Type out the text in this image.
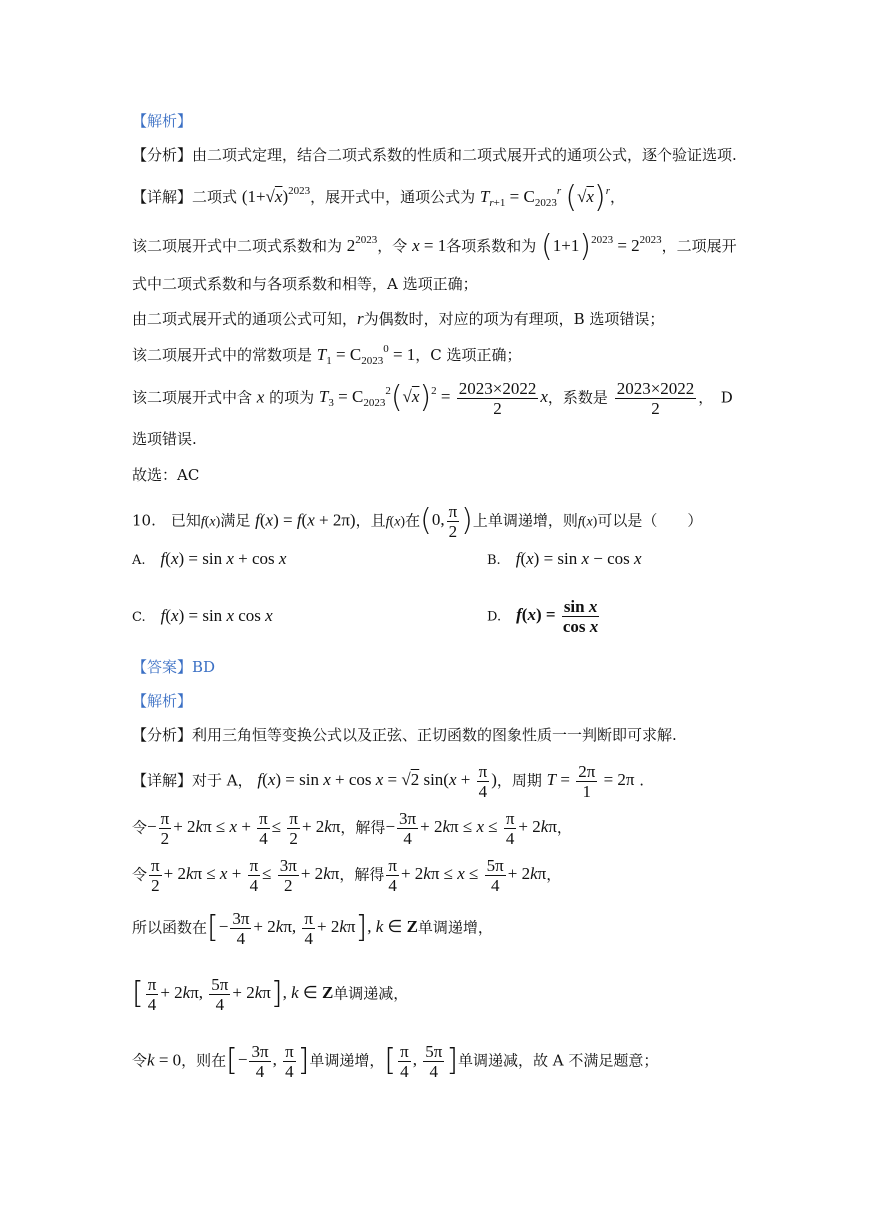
【解析】
【分析】由二项式定理，结合二项式系数的性质和二项式展开式的通项公式，逐个验证选项.
【详解】二项式 $(1+√x)^{2023}$，展开式中，通项公式为 $T_{r+1} = C_{2023}^r$ $(√x)^r$，
该二项展开式中二项式系数和为 $2^{2023}$，令 x = 1各项系数和为 $(1+1)^{2023} = 2^{2023}$，二项展开
式中二项式系数和与各项系数和相等，A 选项正确；
由二项式展开式的通项公式可知，r为偶数时，对应的项为有理项，B 选项错误；
该二项展开式中的常数项是 $T_1 = C_{2023}^0 = 1$，C 选项正确；
该二项展开式中含 x 的项为 $T_3 = C_{2023}^2(√x)^2 = \frac{2023\times 2022}{2}$ x，系数是 $\frac{2023\times 2022}{2}$ ，　D
选项错误.
故选：AC
10.　已知f(x)满足 f(x) = f(x + 2π)，且f(x)在(0, $\frac{\pi}{2}$ )上单调递增，则f(x)可以是（　　）
A.　 f(x) = sin x + cos x	B.　 f(x) = sin x − cos x
C.　 f(x) = sin x cos x	D.　 $f(x) = \frac{\text{sin x}}{\text{cos x}}$
【答案】BD
【解析】
【分析】利用三角恒等变换公式以及正弦、正切函数的图象性质一一判断即可求解.
【详解】对于 A， f(x) = sin x + cos x = √2 $\sin(x + \frac{\pi}{4}$ )，周期 $T = \frac{2\pi}{1} = 2\pi$ .
令− $\frac{\pi}{2} + 2k\pi \le x + \frac{\pi}{4} \le \frac{\pi}{2} + 2k\pi$，解得− $\frac{3\pi}{4} + 2k\pi \le x \le \frac{\pi}{4} + 2k\pi$，
令 $\frac{\pi}{2} + 2k\pi \le x + \frac{\pi}{4} \le \frac{3\pi}{2} + 2k\pi$，解得 $\frac{\pi}{4} + 2k\pi \le x \le \frac{5\pi}{4} + 2k\pi$，
所以函数在[− $\frac{3\pi}{4} + 2k\pi$, $\frac{\pi}{4} + 2k\pi$], k ∈ Z单调递增，
[ $\frac{\pi}{4} + 2k\pi$, $\frac{5\pi}{4} + 2k\pi$], k ∈ Z单调递减，
令k = 0，则在[− $\frac{3\pi}{4}$ , $\frac{\pi}{4}$ ]单调递增，[ $\frac{\pi}{4}$ , $\frac{5\pi}{4}$ ]单调递减，故 A 不满足题意；
